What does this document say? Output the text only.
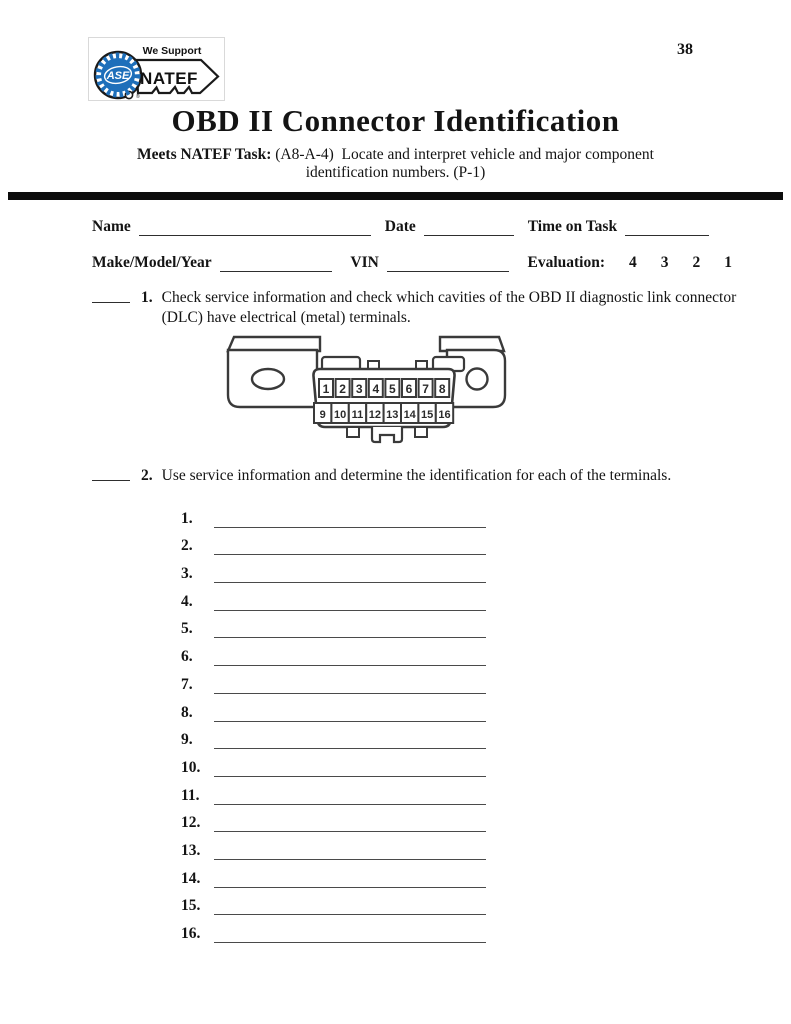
ASE
We Support
NATEF
®
38
OBD II Connector Identification
Meets NATEF Task: (A8-A-4)  Locate and interpret vehicle and major component
identification numbers. (P-1)
Name	Date	Time on Task
Make/Model/Year	VIN	Evaluation: 4 3 2 1
1. Check service information and check which cavities of the OBD II diagnostic link connector (DLC) have electrical (metal) terminals.
1 2 3 4 5 6 7 8
9 10 11 12 13 14 15 16
2. Use service information and determine the identification for each of the terminals.
1.
2.
3.
4.
5.
6.
7.
8.
9.
10.
11.
12.
13.
14.
15.
16.
